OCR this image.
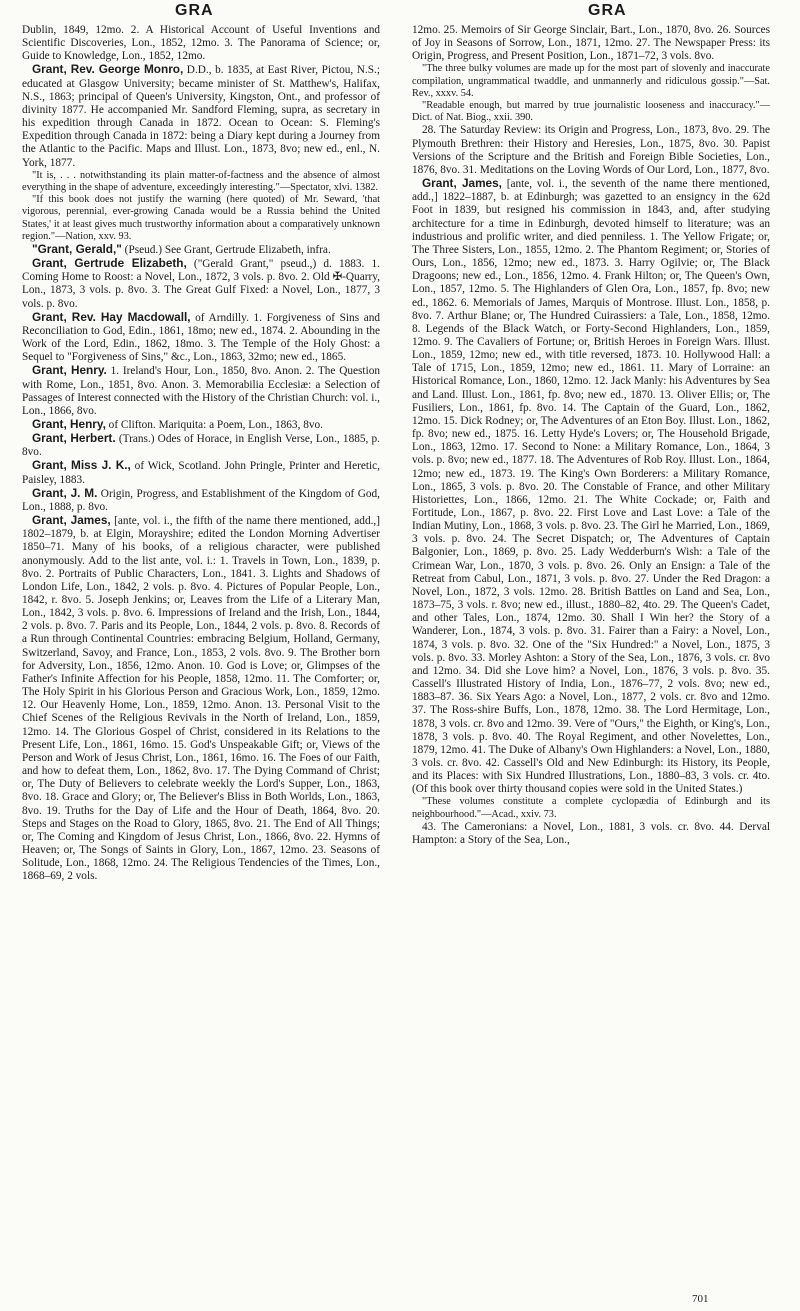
GRA	GRA

Dublin, 1849, 12mo. 2. A Historical Account of Useful Inventions and Scientific Discoveries, Lon., 1852, 12mo. 3. The Panorama of Science; or, Guide to Knowledge, Lon., 1852, 12mo.

Grant, Rev. George Monro, D.D., b. 1835, at East River, Pictou, N.S.; educated at Glasgow University; became minister of St. Matthew's, Halifax, N.S., 1863; principal of Queen's University, Kingston, Ont., and professor of divinity 1877. He accompanied Mr. Sandford Fleming, supra, as secretary in his expedition through Canada in 1872. Ocean to Ocean: S. Fleming's Expedition through Canada in 1872: being a Diary kept during a Journey from the Atlantic to the Pacific. Maps and Illust. Lon., 1873, 8vo; new ed., enl., N. York, 1877.

"It is, . . . notwithstanding its plain matter-of-factness and the absence of almost everything in the shape of adventure, exceedingly interesting."—Spectator, xlvi. 1382.

"If this book does not justify the warning (here quoted) of Mr. Seward, 'that vigorous, perennial, ever-growing Canada would be a Russia behind the United States,' it at least gives much trustworthy information about a comparatively unknown region."—Nation, xxv. 93.

"Grant, Gerald," (Pseud.) See Grant, Gertrude Elizabeth, infra.

Grant, Gertrude Elizabeth, ("Gerald Grant," pseud.,) d. 1883. 1. Coming Home to Roost: a Novel, Lon., 1872, 3 vols. p. 8vo. 2. Old ✠-Quarry, Lon., 1873, 3 vols. p. 8vo. 3. The Great Gulf Fixed: a Novel, Lon., 1877, 3 vols. p. 8vo.

Grant, Rev. Hay Macdowall, of Arndilly. 1. Forgiveness of Sins and Reconciliation to God, Edin., 1861, 18mo; new ed., 1874. 2. Abounding in the Work of the Lord, Edin., 1862, 18mo. 3. The Temple of the Holy Ghost: a Sequel to "Forgiveness of Sins," &c., Lon., 1863, 32mo; new ed., 1865.

Grant, Henry. 1. Ireland's Hour, Lon., 1850, 8vo. Anon. 2. The Question with Rome, Lon., 1851, 8vo. Anon. 3. Memorabilia Ecclesiæ: a Selection of Passages of Interest connected with the History of the Christian Church: vol. i., Lon., 1866, 8vo.

Grant, Henry, of Clifton. Mariquita: a Poem, Lon., 1863, 8vo.

Grant, Herbert. (Trans.) Odes of Horace, in English Verse, Lon., 1885, p. 8vo.

Grant, Miss J. K., of Wick, Scotland. John Pringle, Printer and Heretic, Paisley, 1883.

Grant, J. M. Origin, Progress, and Establishment of the Kingdom of God, Lon., 1888, p. 8vo.

Grant, James, [ante, vol. i., the fifth of the name there mentioned, add.,] 1802–1879, b. at Elgin, Morayshire; edited the London Morning Advertiser 1850–71. Many of his books, of a religious character, were published anonymously. Add to the list ante, vol. i.: 1. Travels in Town, Lon., 1839, p. 8vo. 2. Portraits of Public Characters, Lon., 1841. 3. Lights and Shadows of London Life, Lon., 1842, 2 vols. p. 8vo. 4. Pictures of Popular People, Lon., 1842, r. 8vo. 5. Joseph Jenkins; or, Leaves from the Life of a Literary Man, Lon., 1842, 3 vols. p. 8vo. 6. Impressions of Ireland and the Irish, Lon., 1844, 2 vols. p. 8vo. 7. Paris and its People, Lon., 1844, 2 vols. p. 8vo. 8. Records of a Run through Continental Countries: embracing Belgium, Holland, Germany, Switzerland, Savoy, and France, Lon., 1853, 2 vols. 8vo. 9. The Brother born for Adversity, Lon., 1856, 12mo. Anon. 10. God is Love; or, Glimpses of the Father's Infinite Affection for his People, 1858, 12mo. 11. The Comforter; or, The Holy Spirit in his Glorious Person and Gracious Work, Lon., 1859, 12mo. 12. Our Heavenly Home, Lon., 1859, 12mo. Anon. 13. Personal Visit to the Chief Scenes of the Religious Revivals in the North of Ireland, Lon., 1859, 12mo. 14. The Glorious Gospel of Christ, considered in its Relations to the Present Life, Lon., 1861, 16mo. 15. God's Unspeakable Gift; or, Views of the Person and Work of Jesus Christ, Lon., 1861, 16mo. 16. The Foes of our Faith, and how to defeat them, Lon., 1862, 8vo. 17. The Dying Command of Christ; or, The Duty of Believers to celebrate weekly the Lord's Supper, Lon., 1863, 8vo. 18. Grace and Glory; or, The Believer's Bliss in Both Worlds, Lon., 1863, 8vo. 19. Truths for the Day of Life and the Hour of Death, 1864, 8vo. 20. Steps and Stages on the Road to Glory, 1865, 8vo. 21. The End of All Things; or, The Coming and Kingdom of Jesus Christ, Lon., 1866, 8vo. 22. Hymns of Heaven; or, The Songs of Saints in Glory, Lon., 1867, 12mo. 23. Seasons of Solitude, Lon., 1868, 12mo. 24. The Religious Tendencies of the Times, Lon., 1868–69, 2 vols.

12mo. 25. Memoirs of Sir George Sinclair, Bart., Lon., 1870, 8vo. 26. Sources of Joy in Seasons of Sorrow, Lon., 1871, 12mo. 27. The Newspaper Press: its Origin, Progress, and Present Position, Lon., 1871–72, 3 vols. 8vo.

"The three bulky volumes are made up for the most part of slovenly and inaccurate compilation, ungrammatical twaddle, and unmannerly and ridiculous gossip."—Sat. Rev., xxxv. 54.

"Readable enough, but marred by true journalistic looseness and inaccuracy."—Dict. of Nat. Biog., xxii. 390.

28. The Saturday Review: its Origin and Progress, Lon., 1873, 8vo. 29. The Plymouth Brethren: their History and Heresies, Lon., 1875, 8vo. 30. Papist Versions of the Scripture and the British and Foreign Bible Societies, Lon., 1876, 8vo. 31. Meditations on the Loving Words of Our Lord, Lon., 1877, 8vo.

Grant, James, [ante, vol. i., the seventh of the name there mentioned, add.,] 1822–1887, b. at Edinburgh; was gazetted to an ensigncy in the 62d Foot in 1839, but resigned his commission in 1843, and, after studying architecture for a time in Edinburgh, devoted himself to literature; was an industrious and prolific writer, and died penniless. 1. The Yellow Frigate; or, The Three Sisters, Lon., 1855, 12mo. 2. The Phantom Regiment; or, Stories of Ours, Lon., 1856, 12mo; new ed., 1873. 3. Harry Ogilvie; or, The Black Dragoons; new ed., Lon., 1856, 12mo. 4. Frank Hilton; or, The Queen's Own, Lon., 1857, 12mo. 5. The Highlanders of Glen Ora, Lon., 1857, fp. 8vo; new ed., 1862. 6. Memorials of James, Marquis of Montrose. Illust. Lon., 1858, p. 8vo. 7. Arthur Blane; or, The Hundred Cuirassiers: a Tale, Lon., 1858, 12mo. 8. Legends of the Black Watch, or Forty-Second Highlanders, Lon., 1859, 12mo. 9. The Cavaliers of Fortune; or, British Heroes in Foreign Wars. Illust. Lon., 1859, 12mo; new ed., with title reversed, 1873. 10. Hollywood Hall: a Tale of 1715, Lon., 1859, 12mo; new ed., 1861. 11. Mary of Lorraine: an Historical Romance, Lon., 1860, 12mo. 12. Jack Manly: his Adventures by Sea and Land. Illust. Lon., 1861, fp. 8vo; new ed., 1870. 13. Oliver Ellis; or, The Fusiliers, Lon., 1861, fp. 8vo. 14. The Captain of the Guard, Lon., 1862, 12mo. 15. Dick Rodney; or, The Adventures of an Eton Boy. Illust. Lon., 1862, fp. 8vo; new ed., 1875. 16. Letty Hyde's Lovers; or, The Household Brigade, Lon., 1863, 12mo. 17. Second to None: a Military Romance, Lon., 1864, 3 vols. p. 8vo; new ed., 1877. 18. The Adventures of Rob Roy. Illust. Lon., 1864, 12mo; new ed., 1873. 19. The King's Own Borderers: a Military Romance, Lon., 1865, 3 vols. p. 8vo. 20. The Constable of France, and other Military Historiettes, Lon., 1866, 12mo. 21. The White Cockade; or, Faith and Fortitude, Lon., 1867, p. 8vo. 22. First Love and Last Love: a Tale of the Indian Mutiny, Lon., 1868, 3 vols. p. 8vo. 23. The Girl he Married, Lon., 1869, 3 vols. p. 8vo. 24. The Secret Dispatch; or, The Adventures of Captain Balgonier, Lon., 1869, p. 8vo. 25. Lady Wedderburn's Wish: a Tale of the Crimean War, Lon., 1870, 3 vols. p. 8vo. 26. Only an Ensign: a Tale of the Retreat from Cabul, Lon., 1871, 3 vols. p. 8vo. 27. Under the Red Dragon: a Novel, Lon., 1872, 3 vols. 12mo. 28. British Battles on Land and Sea, Lon., 1873–75, 3 vols. r. 8vo; new ed., illust., 1880–82, 4to. 29. The Queen's Cadet, and other Tales, Lon., 1874, 12mo. 30. Shall I Win her? the Story of a Wanderer, Lon., 1874, 3 vols. p. 8vo. 31. Fairer than a Fairy: a Novel, Lon., 1874, 3 vols. p. 8vo. 32. One of the "Six Hundred:" a Novel, Lon., 1875, 3 vols. p. 8vo. 33. Morley Ashton: a Story of the Sea, Lon., 1876, 3 vols. cr. 8vo and 12mo. 34. Did she Love him? a Novel, Lon., 1876, 3 vols. p. 8vo. 35. Cassell's Illustrated History of India, Lon., 1876–77, 2 vols. 8vo; new ed., 1883–87. 36. Six Years Ago: a Novel, Lon., 1877, 2 vols. cr. 8vo and 12mo. 37. The Ross-shire Buffs, Lon., 1878, 12mo. 38. The Lord Hermitage, Lon., 1878, 3 vols. cr. 8vo and 12mo. 39. Vere of "Ours," the Eighth, or King's, Lon., 1878, 3 vols. p. 8vo. 40. The Royal Regiment, and other Novelettes, Lon., 1879, 12mo. 41. The Duke of Albany's Own Highlanders: a Novel, Lon., 1880, 3 vols. cr. 8vo. 42. Cassell's Old and New Edinburgh: its History, its People, and its Places: with Six Hundred Illustrations, Lon., 1880–83, 3 vols. cr. 4to. (Of this book over thirty thousand copies were sold in the United States.)

"These volumes constitute a complete cyclopædia of Edinburgh and its neighbourhood."—Acad., xxiv. 73.

43. The Cameronians: a Novel, Lon., 1881, 3 vols. cr. 8vo. 44. Derval Hampton: a Story of the Sea, Lon.,

701
